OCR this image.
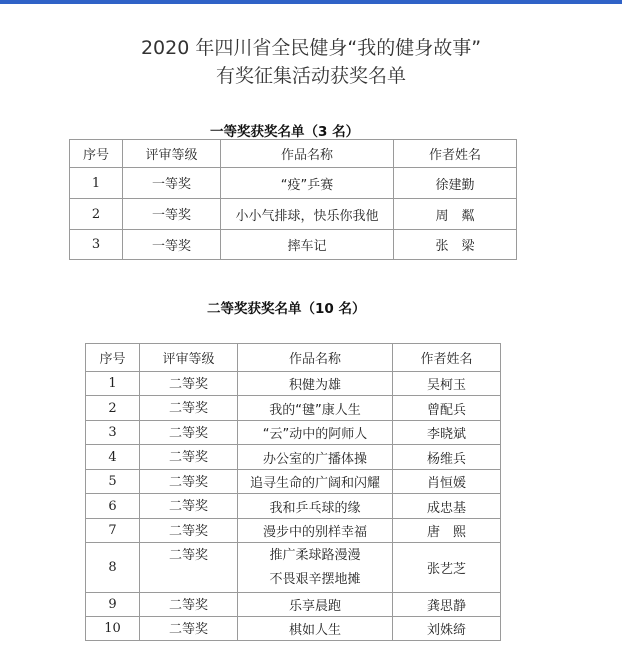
2020 年四川省全民健身“我的健身故事”
有奖征集活动获奖名单
一等奖获奖名单（3 名）
序号	评审等级	作品名称	作者姓名
1	一等奖	“疫”乒赛	徐建勤
2	一等奖	小小气排球，快乐你我他	周　粼
3	一等奖	摔车记	张　梁
二等奖获奖名单（10 名）
序号	评审等级	作品名称	作者姓名
1	二等奖	积健为雄	吴柯玉
2	二等奖	我的“毽”康人生	曾配兵
3	二等奖	“云”动中的阿师人	李晓斌
4	二等奖	办公室的广播体操	杨维兵
5	二等奖	追寻生命的广阔和闪耀	肖恒媛
6	二等奖	我和乒乓球的缘	成忠基
7	二等奖	漫步中的别样幸福	唐　熙
8	二等奖	推广柔球路漫漫
不畏艰辛摆地摊	张艺芝
9	二等奖	乐享晨跑	龚思静
10	二等奖	棋如人生	刘姝绮
